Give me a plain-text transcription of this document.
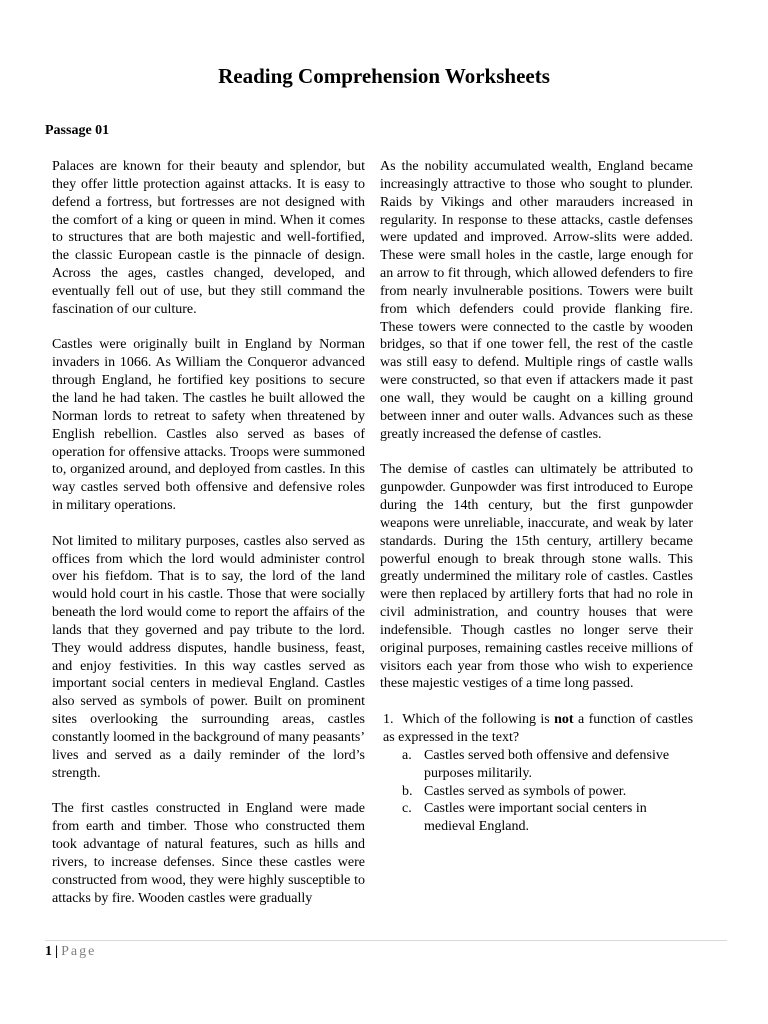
Reading Comprehension Worksheets
Passage 01

Palaces are known for their beauty and splendor, but they offer little protection against attacks. It is easy to defend a fortress, but fortresses are not designed with the comfort of a king or queen in mind. When it comes to structures that are both majestic and well-fortified, the classic European castle is the pinnacle of design. Across the ages, castles changed, developed, and eventually fell out of use, but they still command the fascination of our culture.

Castles were originally built in England by Norman invaders in 1066. As William the Conqueror advanced through England, he fortified key positions to secure the land he had taken. The castles he built allowed the Norman lords to retreat to safety when threatened by English rebellion. Castles also served as bases of operation for offensive attacks. Troops were summoned to, organized around, and deployed from castles. In this way castles served both offensive and defensive roles in military operations.

Not limited to military purposes, castles also served as offices from which the lord would administer control over his fiefdom. That is to say, the lord of the land would hold court in his castle. Those that were socially beneath the lord would come to report the affairs of the lands that they governed and pay tribute to the lord. They would address disputes, handle business, feast, and enjoy festivities. In this way castles served as important social centers in medieval England. Castles also served as symbols of power. Built on prominent sites overlooking the surrounding areas, castles constantly loomed in the background of many peasants’ lives and served as a daily reminder of the lord’s strength.

The first castles constructed in England were made from earth and timber. Those who constructed them took advantage of natural features, such as hills and rivers, to increase defenses. Since these castles were constructed from wood, they were highly susceptible to attacks by fire. Wooden castles were gradually

As the nobility accumulated wealth, England became increasingly attractive to those who sought to plunder. Raids by Vikings and other marauders increased in regularity. In response to these attacks, castle defenses were updated and improved. Arrow-slits were added. These were small holes in the castle, large enough for an arrow to fit through, which allowed defenders to fire from nearly invulnerable positions. Towers were built from which defenders could provide flanking fire. These towers were connected to the castle by wooden bridges, so that if one tower fell, the rest of the castle was still easy to defend. Multiple rings of castle walls were constructed, so that even if attackers made it past one wall, they would be caught on a killing ground between inner and outer walls. Advances such as these greatly increased the defense of castles.

The demise of castles can ultimately be attributed to gunpowder. Gunpowder was first introduced to Europe during the 14th century, but the first gunpowder weapons were unreliable, inaccurate, and weak by later standards. During the 15th century, artillery became powerful enough to break through stone walls. This greatly undermined the military role of castles. Castles were then replaced by artillery forts that had no role in civil administration, and country houses that were indefensible. Though castles no longer serve their original purposes, remaining castles receive millions of visitors each year from those who wish to experience these majestic vestiges of a time long passed.

1. Which of the following is not a function of castles as expressed in the text?
a. Castles served both offensive and defensive purposes militarily.
b. Castles served as symbols of power.
c. Castles were important social centers in medieval England.
1 | Page
